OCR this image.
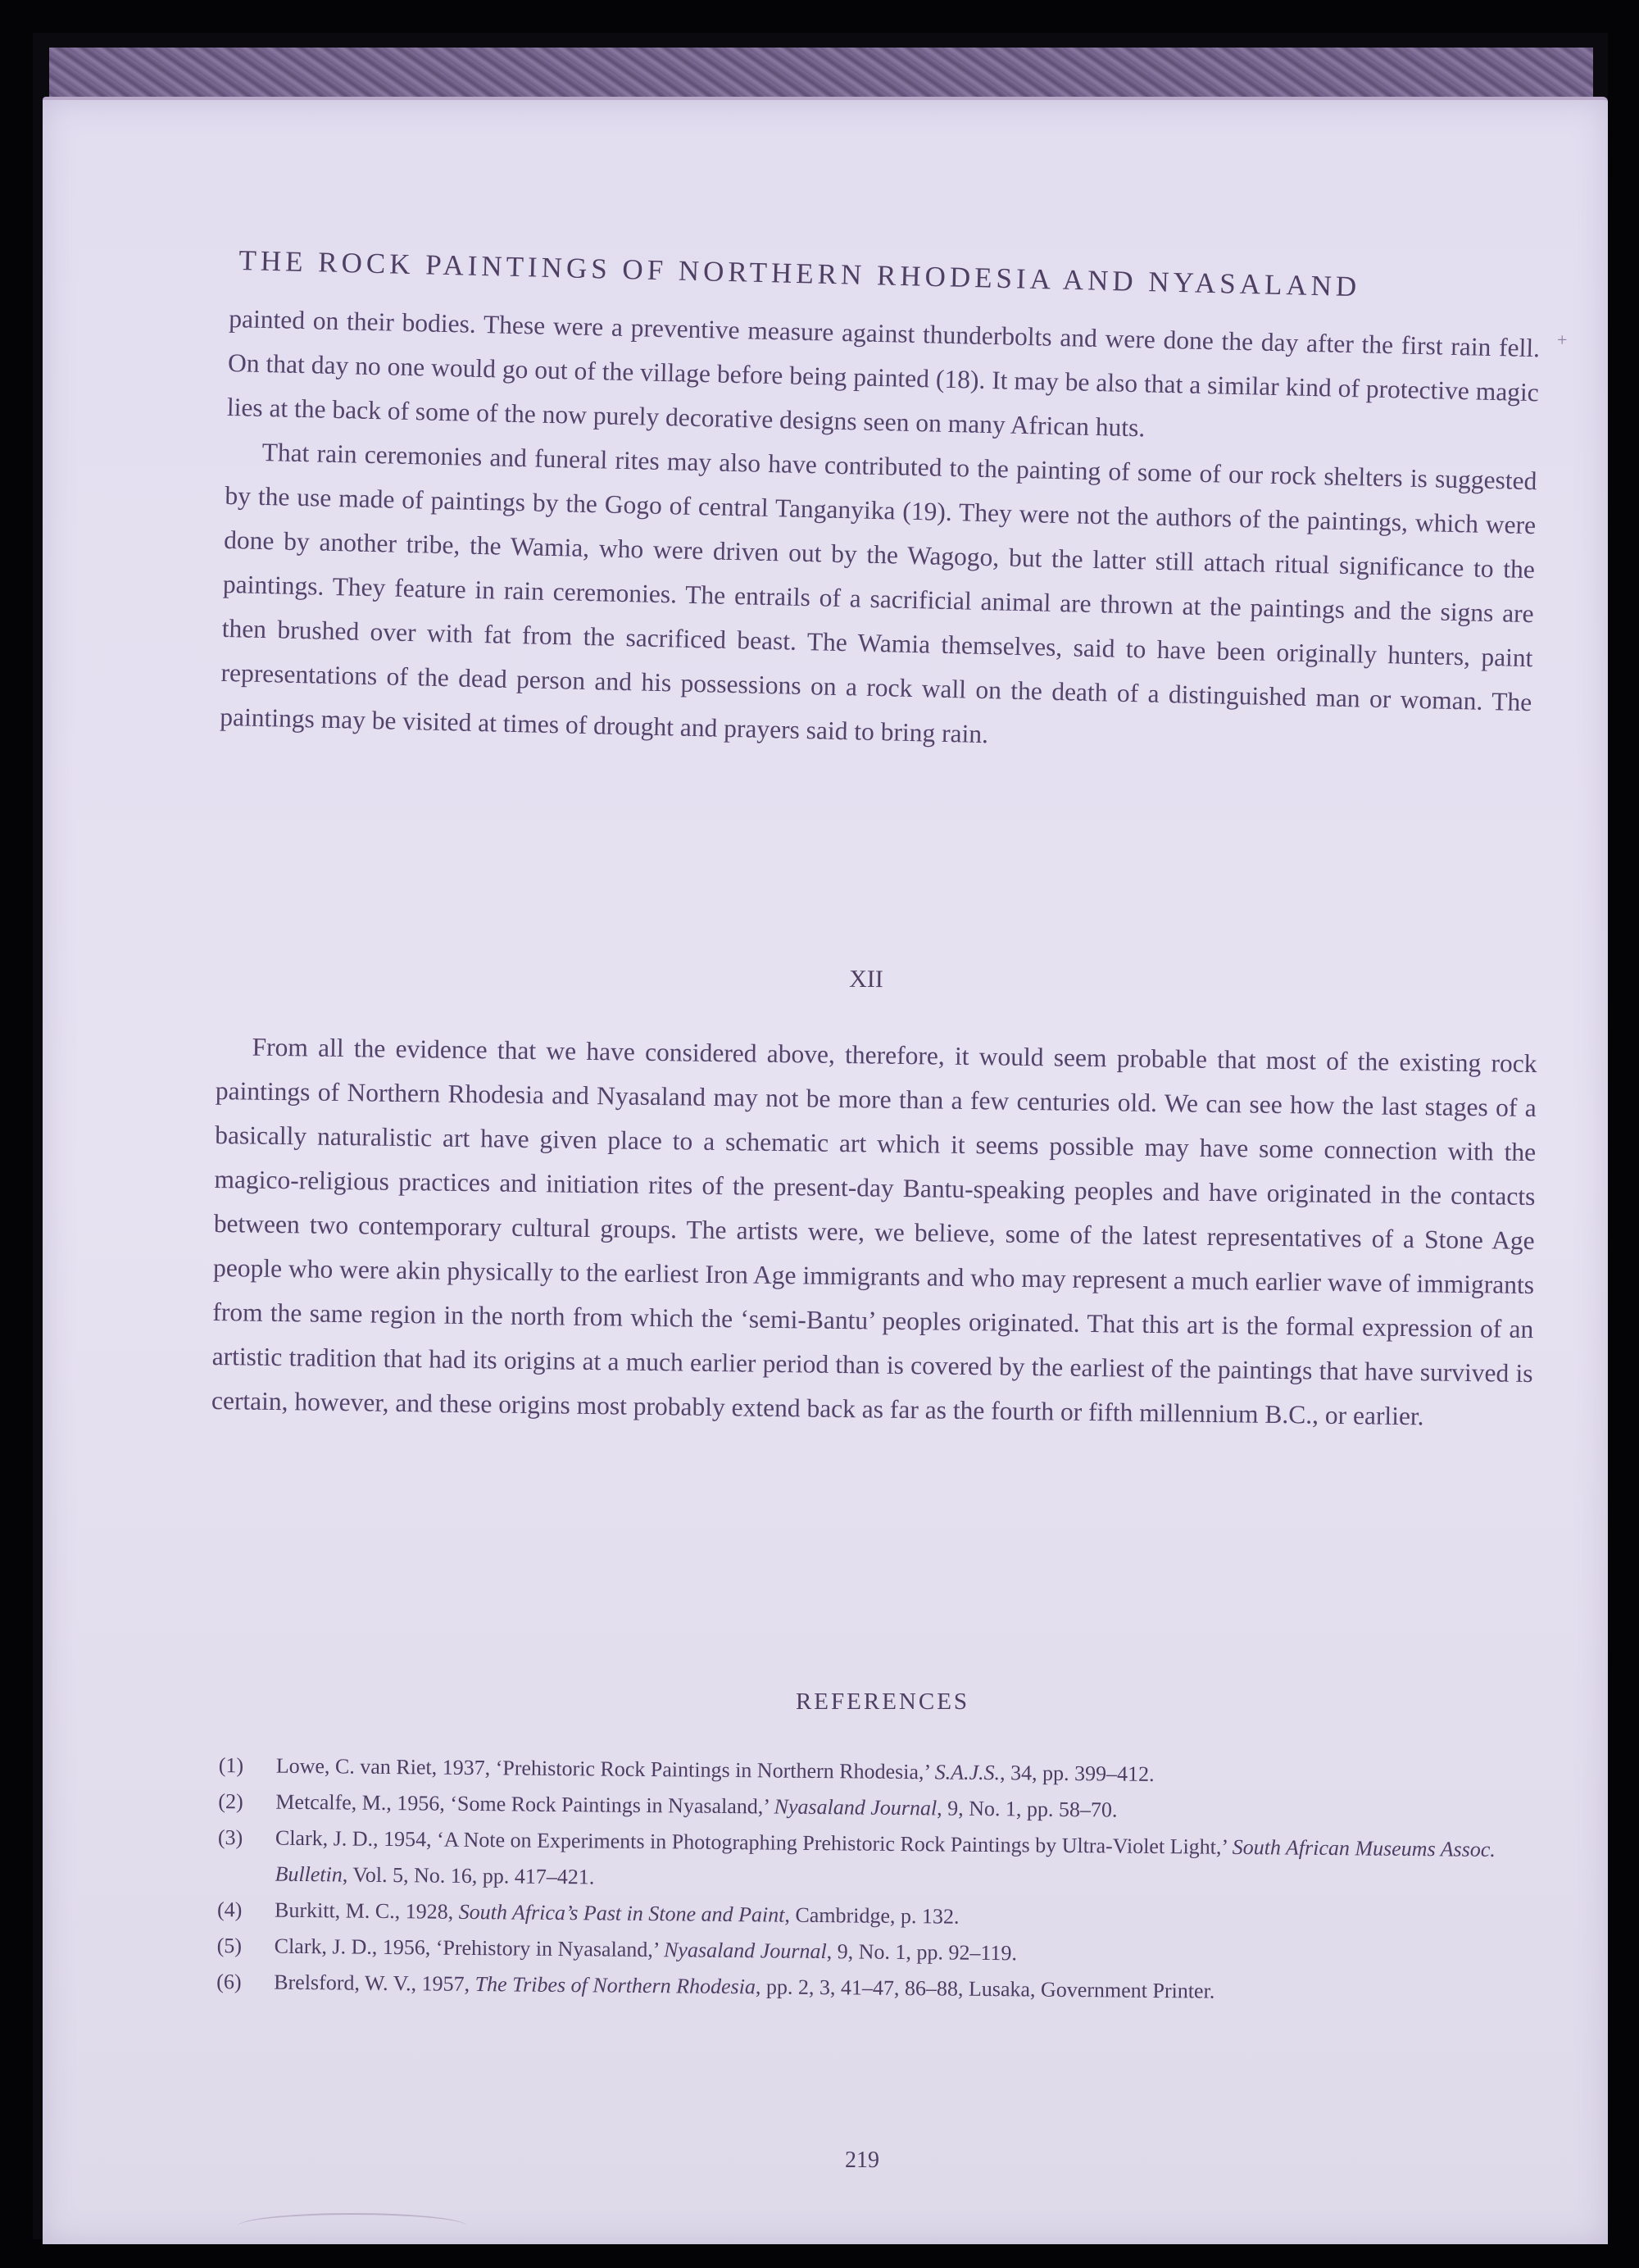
THE ROCK PAINTINGS OF NORTHERN RHODESIA AND NYASALAND
+

painted on their bodies. These were a preventive measure against thunderbolts and were done the day after the first rain fell. On that day no one would go out of the village before being painted (18). It may be also that a similar kind of protective magic lies at the back of some of the now purely decorative designs seen on many African huts.

That rain ceremonies and funeral rites may also have contributed to the painting of some of our rock shelters is suggested by the use made of paintings by the Gogo of central Tanganyika (19). They were not the authors of the paintings, which were done by another tribe, the Wamia, who were driven out by the Wagogo, but the latter still attach ritual significance to the paintings. They feature in rain ceremonies. The entrails of a sacrificial animal are thrown at the paintings and the signs are then brushed over with fat from the sacrificed beast. The Wamia themselves, said to have been originally hunters, paint representations of the dead person and his possessions on a rock wall on the death of a distinguished man or woman. The paintings may be visited at times of drought and prayers said to bring rain.

XII

From all the evidence that we have considered above, therefore, it would seem probable that most of the existing rock paintings of Northern Rhodesia and Nyasaland may not be more than a few centuries old. We can see how the last stages of a basically naturalistic art have given place to a schematic art which it seems possible may have some connection with the magico-religious practices and initiation rites of the present-day Bantu-speaking peoples and have originated in the contacts between two contemporary cultural groups. The artists were, we believe, some of the latest representatives of a Stone Age people who were akin physically to the earliest Iron Age immigrants and who may represent a much earlier wave of immigrants from the same region in the north from which the ‘semi-Bantu’ peoples originated. That this art is the formal expression of an artistic tradition that had its origins at a much earlier period than is covered by the earliest of the paintings that have survived is certain, however, and these origins most probably extend back as far as the fourth or fifth millennium B.C., or earlier.

REFERENCES
(1) Lowe, C. van Riet, 1937, ‘Prehistoric Rock Paintings in Northern Rhodesia,’ S.A.J.S., 34, pp. 399–412.
(2) Metcalfe, M., 1956, ‘Some Rock Paintings in Nyasaland,’ Nyasaland Journal, 9, No. 1, pp. 58–70.
(3) Clark, J. D., 1954, ‘A Note on Experiments in Photographing Prehistoric Rock Paintings by Ultra-Violet Light,’ South African Museums Assoc. Bulletin, Vol. 5, No. 16, pp. 417–421.
(4) Burkitt, M. C., 1928, South Africa’s Past in Stone and Paint, Cambridge, p. 132.
(5) Clark, J. D., 1956, ‘Prehistory in Nyasaland,’ Nyasaland Journal, 9, No. 1, pp. 92–119.
(6) Brelsford, W. V., 1957, The Tribes of Northern Rhodesia, pp. 2, 3, 41–47, 86–88, Lusaka, Government Printer.
219
